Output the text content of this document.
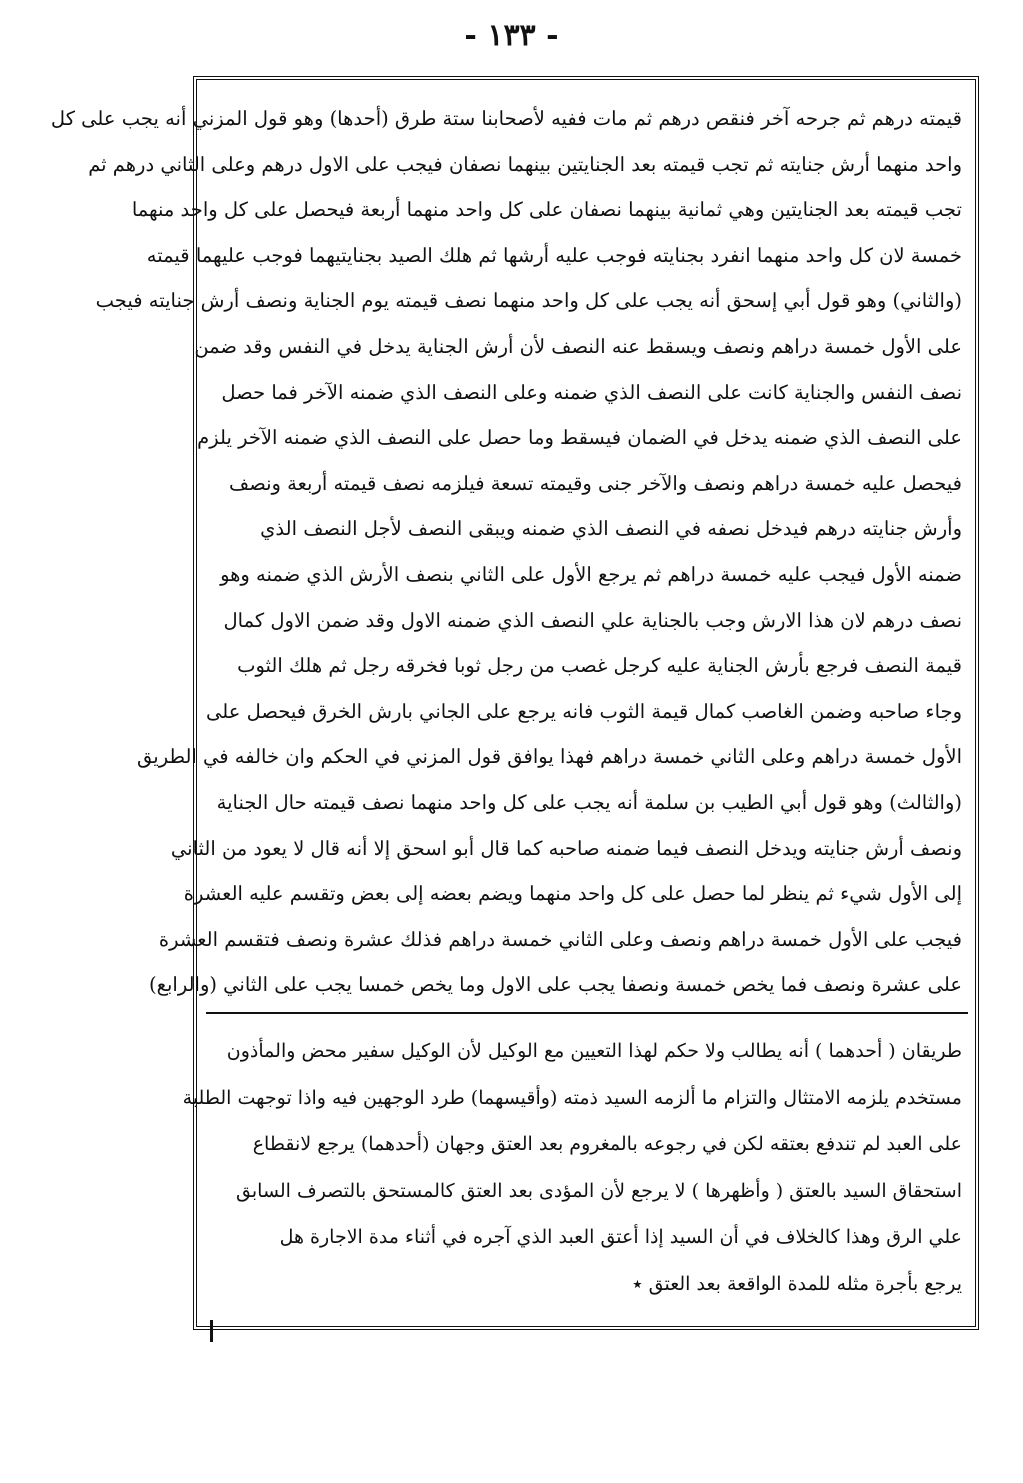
- ١٣٣ -
قيمته درهم ثم جرحه آخر فنقص درهم ثم مات ففيه لأصحابنا ستة طرق (أحدها) وهو قول المزني أنه يجب على كل
واحد منهما أرش جنايته ثم تجب قيمته بعد الجنايتين بينهما نصفان فيجب على الاول درهم وعلى الثاني درهم ثم
تجب قيمته بعد الجنايتين وهي ثمانية بينهما نصفان على كل واحد منهما أربعة فيحصل على كل واحد منهما
خمسة لان كل واحد منهما انفرد بجنايته فوجب عليه أرشها ثم هلك الصيد بجنايتيهما فوجب عليهما قيمته
(والثاني) وهو قول أبي إسحق أنه يجب على كل واحد منهما نصف قيمته يوم الجناية ونصف أرش جنايته فيجب
على الأول خمسة دراهم ونصف ويسقط عنه النصف لأن أرش الجناية يدخل في النفس وقد ضمن
نصف النفس والجناية كانت على النصف الذي ضمنه وعلى النصف الذي ضمنه الآخر فما حصل
على النصف الذي ضمنه يدخل في الضمان فيسقط وما حصل على النصف الذي ضمنه الآخر يلزم
فيحصل عليه خمسة دراهم ونصف والآخر جنى وقيمته تسعة فيلزمه نصف قيمته أربعة ونصف
وأرش جنايته درهم فيدخل نصفه في النصف الذي ضمنه ويبقى النصف لأجل النصف الذي
ضمنه الأول فيجب عليه خمسة دراهم ثم يرجع الأول على الثاني بنصف الأرش الذي ضمنه وهو
نصف درهم لان هذا الارش وجب بالجناية علي النصف الذي ضمنه الاول وقد ضمن الاول كمال
قيمة النصف فرجع بأرش الجناية عليه كرجل غصب من رجل ثوبا فخرقه رجل ثم هلك الثوب
وجاء صاحبه وضمن الغاصب كمال قيمة الثوب فانه يرجع على الجاني بارش الخرق فيحصل على
الأول خمسة دراهم وعلى الثاني خمسة دراهم فهذا يوافق قول المزني في الحكم وان خالفه في الطريق
(والثالث) وهو قول أبي الطيب بن سلمة أنه يجب على كل واحد منهما نصف قيمته حال الجناية
ونصف أرش جنايته ويدخل النصف فيما ضمنه صاحبه كما قال أبو اسحق إلا أنه قال لا يعود من الثاني
إلى الأول شيء ثم ينظر لما حصل على كل واحد منهما ويضم بعضه إلى بعض وتقسم عليه العشرة
فيجب على الأول خمسة دراهم ونصف وعلى الثاني خمسة دراهم فذلك عشرة ونصف فتقسم العشرة
على عشرة ونصف فما يخص خمسة ونصفا يجب على الاول وما يخص خمسا يجب على الثاني (والرابع)
طريقان ( أحدهما ) أنه يطالب ولا حكم لهذا التعيين مع الوكيل لأن الوكيل سفير محض والمأذون
مستخدم يلزمه الامتثال والتزام ما ألزمه السيد ذمته (وأقيسهما) طرد الوجهين فيه واذا توجهت الطلبة
على العبد لم تندفع بعتقه لكن في رجوعه بالمغروم بعد العتق وجهان (أحدهما) يرجع لانقطاع
استحقاق السيد بالعتق ( وأظهرها ) لا يرجع لأن المؤدى بعد العتق كالمستحق بالتصرف السابق
علي الرق وهذا كالخلاف في أن السيد إذا أعتق العبد الذي آجره في أثناء مدة الاجارة هل
يرجع بأجرة مثله للمدة الواقعة بعد العتق ٭
